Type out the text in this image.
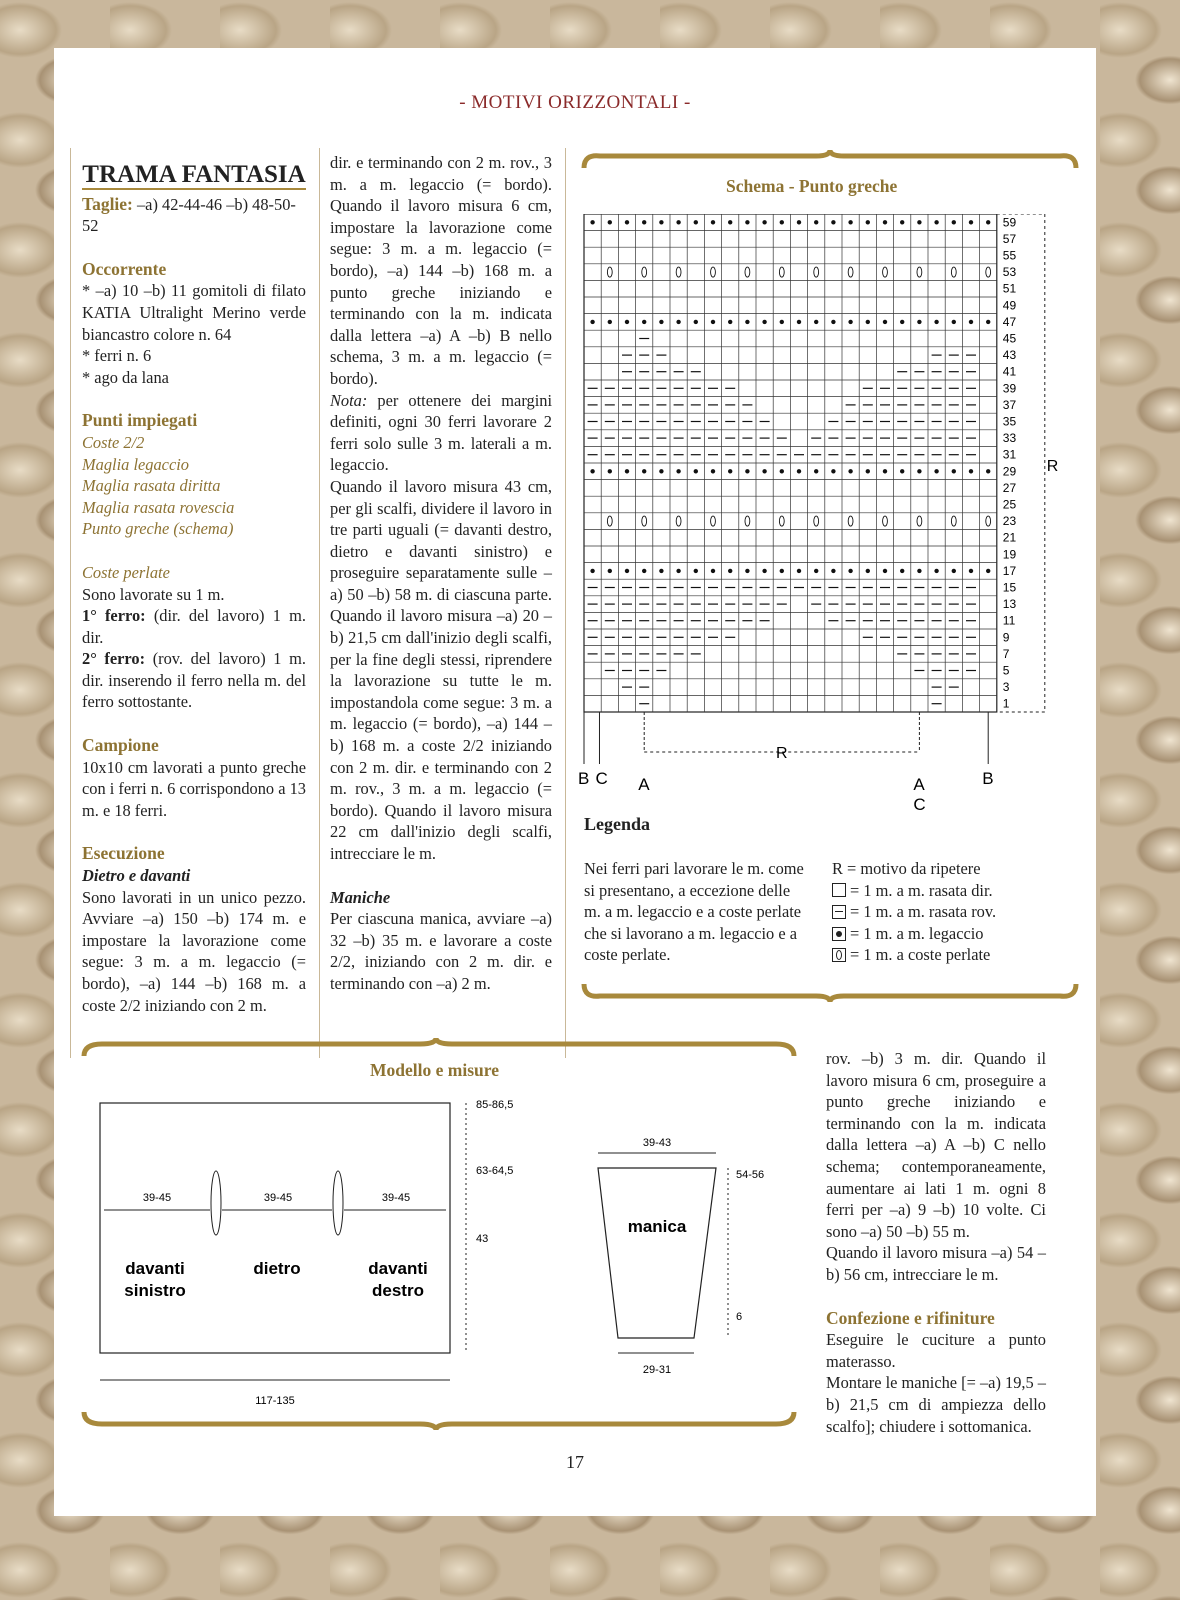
- MOTIVI ORIZZONTALI -
TRAMA FANTASIA

Taglie: –a) 42-44-46 –b) 48-50-52

Occorrente

* –a) 10 –b) 11 gomitoli di filato KATIA Ultralight Merino verde biancastro colore n. 64

* ferri n. 6

* ago da lana

Punti impiegati

Coste 2/2

Maglia legaccio

Maglia rasata diritta

Maglia rasata rovescia

Punto greche (schema)

Coste perlate

Sono lavorate su 1 m.

1° ferro: (dir. del lavoro) 1 m. dir.

2° ferro: (rov. del lavoro) 1 m. dir. inserendo il ferro nella m. del ferro sottostante.

Campione

10x10 cm lavorati a punto greche con i ferri n. 6 corrispondono a 13 m. e 18 ferri.

Esecuzione

Dietro e davanti

Sono lavorati in un unico pezzo. Avviare –a) 150 –b) 174 m. e impostare la lavorazione come segue: 3 m. a m. legaccio (= bordo), –a) 144 –b) 168 m. a coste 2/2 iniziando con 2 m.

dir. e terminando con 2 m. rov., 3 m. a m. legaccio (= bordo). Quando il lavoro misura 6 cm, impostare la lavorazione come segue: 3 m. a m. legaccio (= bordo), –a) 144 –b) 168 m. a punto greche iniziando e terminando con la m. indicata dalla lettera –a) A –b) B nello schema, 3 m. a m. legaccio (= bordo).

Nota: per ottenere dei margini definiti, ogni 30 ferri lavorare 2 ferri solo sulle 3 m. laterali a m. legaccio.

Quando il lavoro misura 43 cm, per gli scalfi, dividere il lavoro in tre parti uguali (= davanti destro, dietro e davanti sinistro) e proseguire separatamente sulle –a) 50 –b) 58 m. di ciascuna parte. Quando il lavoro misura –a) 20 –b) 21,5 cm dall'inizio degli scalfi, per la fine degli stessi, riprendere la lavorazione su tutte le m. impostandola come segue: 3 m. a m. legaccio (= bordo), –a) 144 –b) 168 m. a coste 2/2 iniziando con 2 m. dir. e terminando con 2 m. rov., 3 m. a m. legaccio (= bordo). Quando il lavoro misura 22 cm dall'inizio degli scalfi, intrecciare le m.

Maniche

Per ciascuna manica, avviare –a) 32 –b) 35 m. e lavorare a coste 2/2, iniziando con 2 m. dir. e terminando con –a) 2 m.

Schema - Punto greche
59
57
55
53
51
49
47
45
43
41
39
37
35
33
31
29
27
25
23
21
19
17
15
13
11
9
7
5
3
1
R
R
B C A	A
C
B
Legenda
Nei ferri pari lavorare le m. come si presentano, a eccezione delle m. a m. legaccio e a coste perlate che si lavorano a m. legaccio e a coste perlate.
R = motivo da ripetere
= 1 m. a m. rasata dir.
= 1 m. a m. rasata rov.
= 1 m. a m. legaccio
= 1 m. a coste perlate
Modello e misure
39-45	39-45	39-45
davanti
sinistro
dietro	davanti
destro
117-135
85-86,5
63-64,5
43
39-43
manica
29-31
54-56
6

rov. –b) 3 m. dir. Quando il lavoro misura 6 cm, proseguire a punto greche iniziando e terminando con la m. indicata dalla lettera –a) A –b) C nello schema; contemporaneamente, aumentare ai lati 1 m. ogni 8 ferri per –a) 9 –b) 10 volte. Ci sono –a) 50 –b) 55 m.

Quando il lavoro misura –a) 54 –b) 56 cm, intrecciare le m.

Confezione e rifiniture

Eseguire le cuciture a punto materasso.

Montare le maniche [= –a) 19,5 –b) 21,5 cm di ampiezza dello scalfo]; chiudere i sottomanica.

17
